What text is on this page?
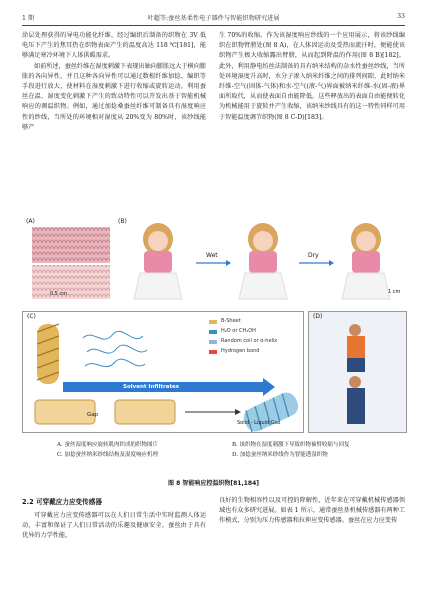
1 期	叶超等:蚕丝基柔性电子器件与智能织物研究进展	33

涂层处理获得的导电功能化纤维，经过编织后制备的织物在 3V 低电压下产生的焦耳热在织物表面产生的温度高达 118 ℃[181]，能够满足寒冷环境下人体供暖需求。

如前所述，蚕丝纤维在湿度刺激下表现出轴向膨胀远大于横向膨胀的各向异性，并且这种各向异性可以通过数根纤维加捻、编织等手段进行放大，使材料在湿度刺激下进行收缩或旋转运动。利用蚕丝在温、湿度变化刺激下产生的致动特性可以开发出基于智能机械响应的调温织物。例如，通过加捻桑蚕丝纤维可制备具有湿度响应性的纱线，当所处的环境相对湿度从 20%变为 80%时，该纱线能够产

生 70%的收缩。作为该湿度响应纱线的一个应用展示，将该纱线编织在织物臂膀处(图 8 A)，在人体因运动及受热而流汗时，便能使该织物产生极大收缩露出臂膀，从而起到降温的作用(图 8 B)[182]。此外，利用静电纺丝法制备的具有纳米结构的杂水性蚕丝纱线，当所处环境湿度升高时，水分子渗入纳米纤维之间的排列间隙，此时纳米纤维-空气(固体-气体)和水-空气(液-气)界面被纳米纤维-水(固-液)界面所取代，从而使表面自由能降低，这些释放出的表面自由能便转化为机械能用于旋转并产生收缩，该纳米纱线具有的这一特性同样可用于智能温度调节织物(图 8 C-D)[183]。

(A)
0.5 cm
(B)
Wet	Dry
1 cm
(C)
B-Sheet
H₂O or CH₃OH
Random coil or α-helix
Hydrogen bond
Solvent Infiltrates
Gap
Solid - Liquid Gas
(D)
A. 蚕丝湿度响应旋转肌肉织成的织物图片	B. 该织物在湿度刺激下导致织物袖臂收缩与回复
C. 加捻蚕丝纳米纱线结构及湿度响应机理	D. 加捻蚕丝纳米纱线作为智能透湿织物
图 8 智能响应控温织物[81,184]
2.2 可穿戴应力应变传感器

可穿戴应力应变传感器可以在人们日常生活中实时监测人体运动，丰富和保证了人们日常活动的乐趣及健康安全。蚕丝由于具有优异的力学性能、

良好的生物相容性以及可控的降解性，近年来在可穿戴机械传感器领域也有众多研究进展。如表 1 所示，通常蚕丝基机械传感器有两种工作模式，分别为压力传感器和拉伸应变传感器。蚕丝在应力应变传
